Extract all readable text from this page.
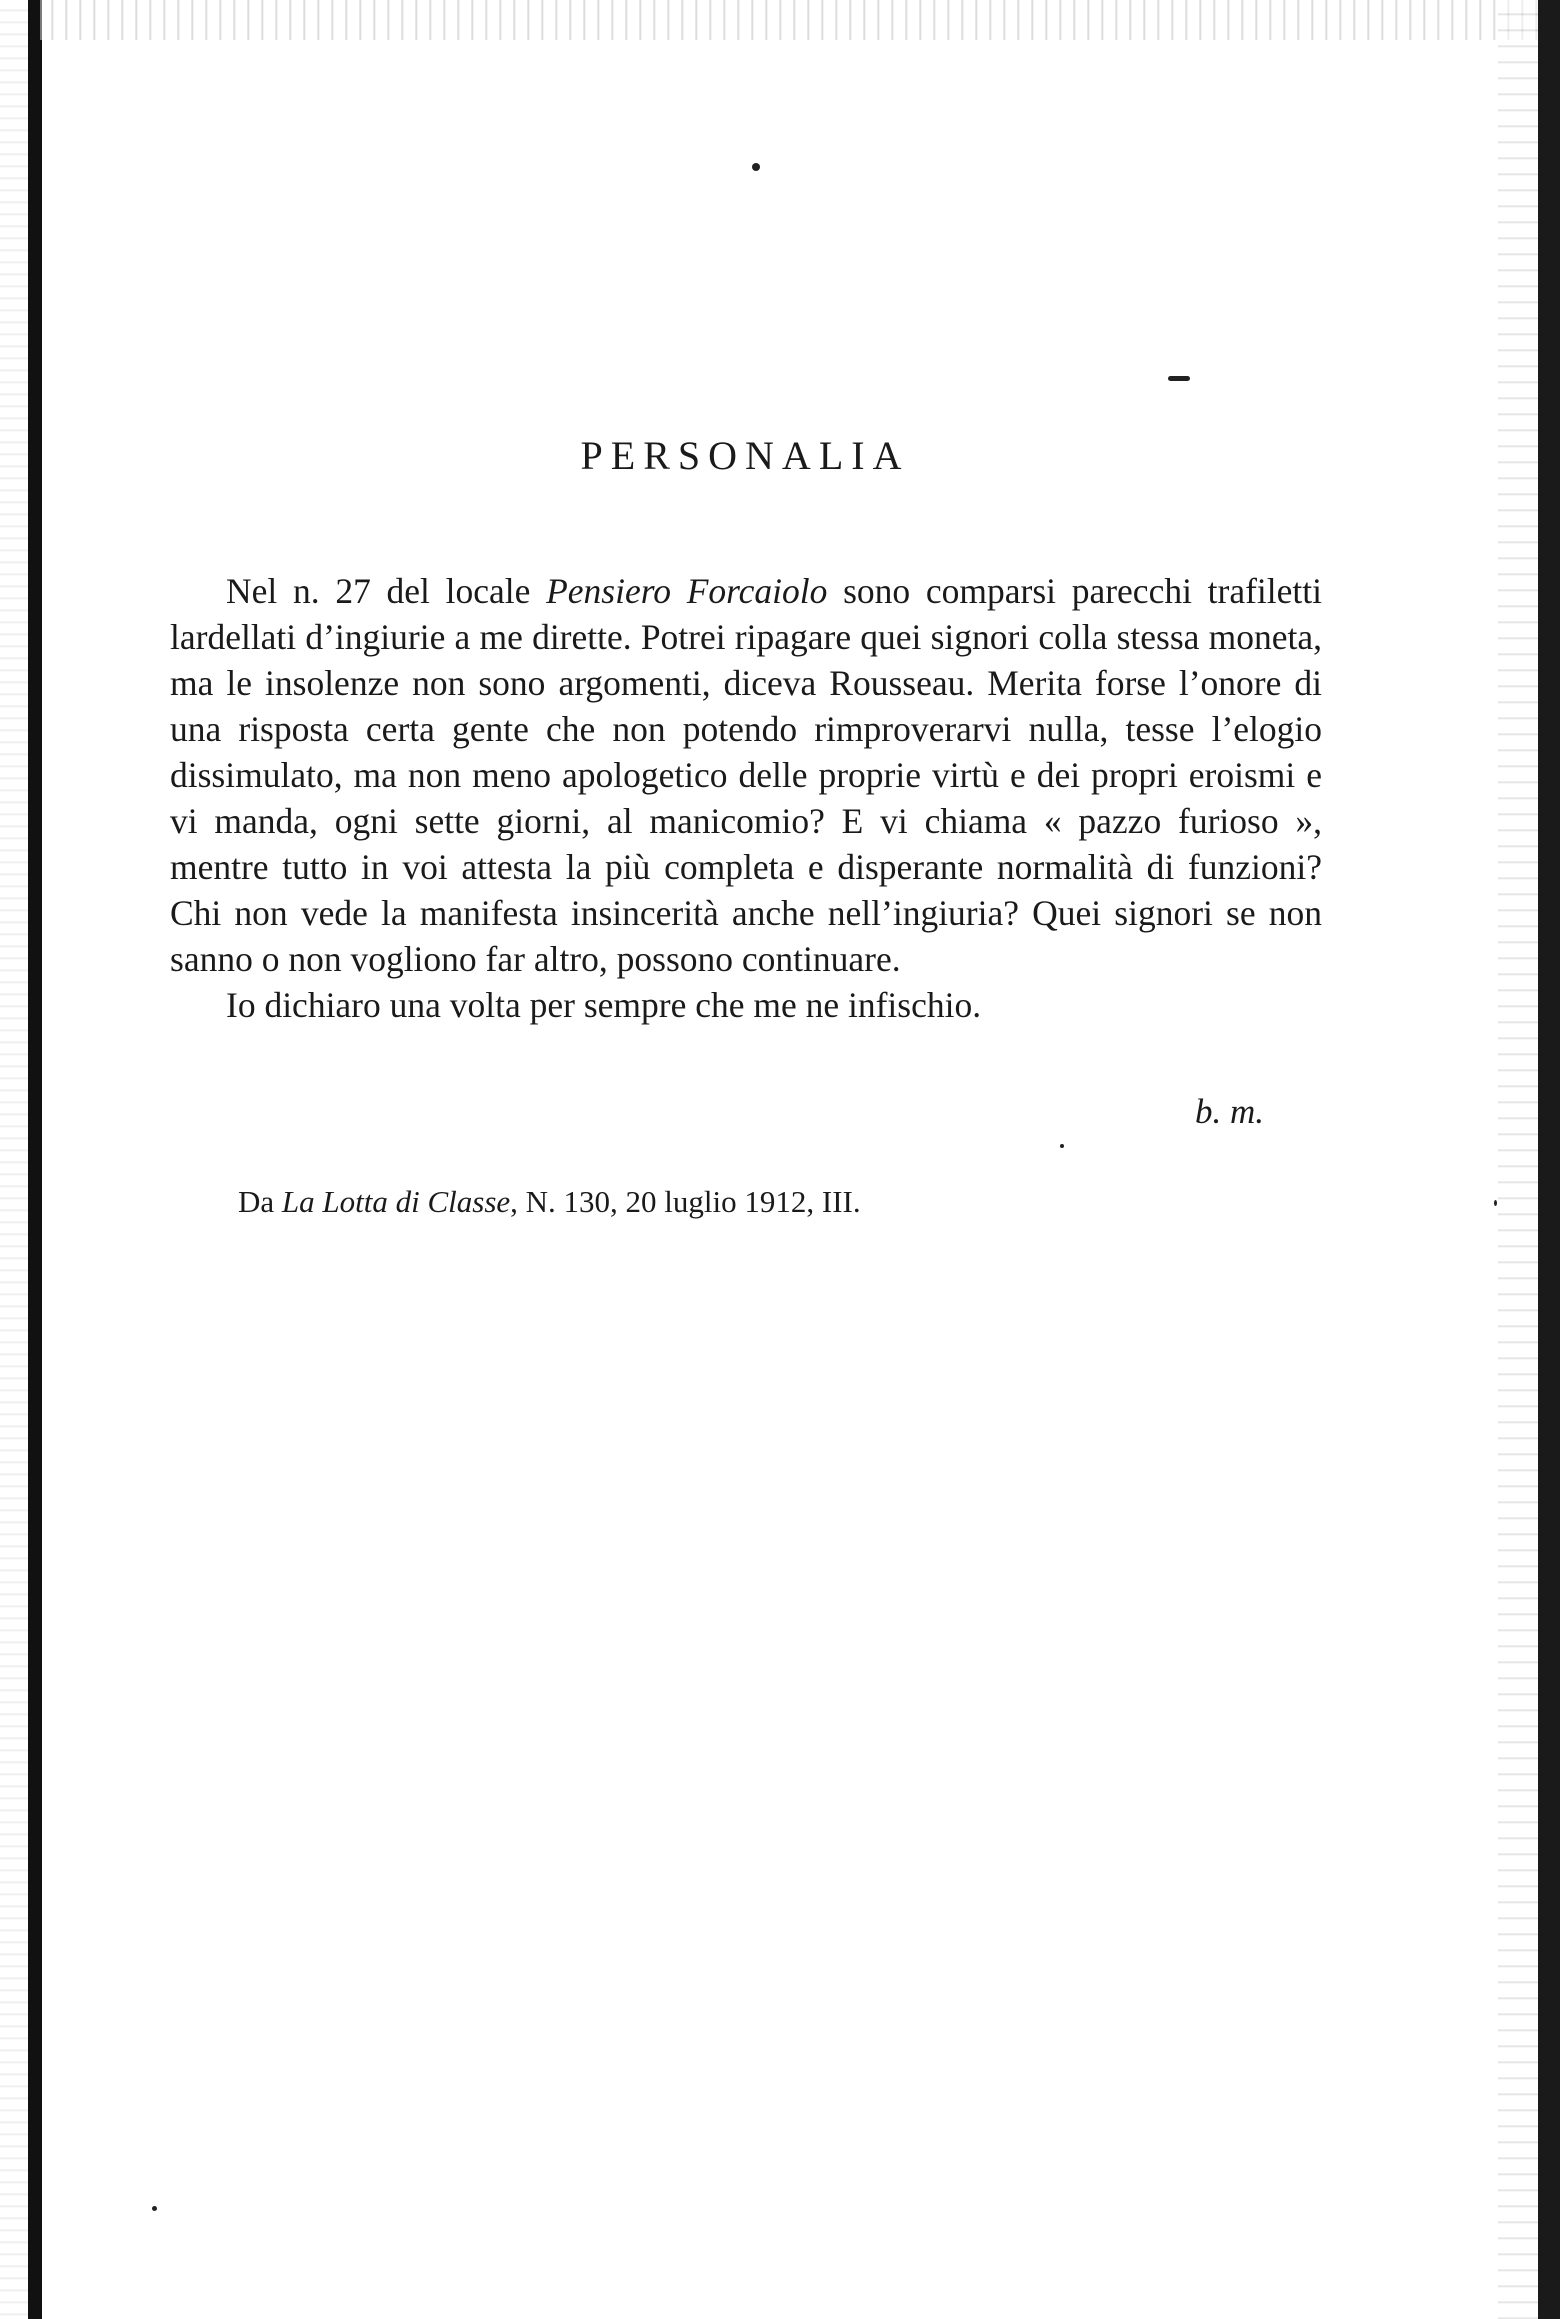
PERSONALIA

Nel n. 27 del locale Pensiero Forcaiolo sono comparsi parecchi trafiletti lardellati d’ingiurie a me dirette. Potrei ripagare quei signori colla stessa moneta, ma le insolenze non sono argomenti, diceva Rousseau. Merita forse l’onore di una risposta certa gente che non potendo rimproverarvi nulla, tesse l’elogio dissimulato, ma non meno apologetico delle proprie virtù e dei propri eroismi e vi manda, ogni sette giorni, al manicomio? E vi chiama « pazzo furioso », mentre tutto in voi attesta la più completa e disperante normalità di funzioni? Chi non vede la manifesta insincerità anche nell’ingiuria? Quei signori se non sanno o non vogliono far altro, possono continuare.

Io dichiaro una volta per sempre che me ne infischio.

b. m.
Da La Lotta di Classe, N. 130, 20 luglio 1912, III.
